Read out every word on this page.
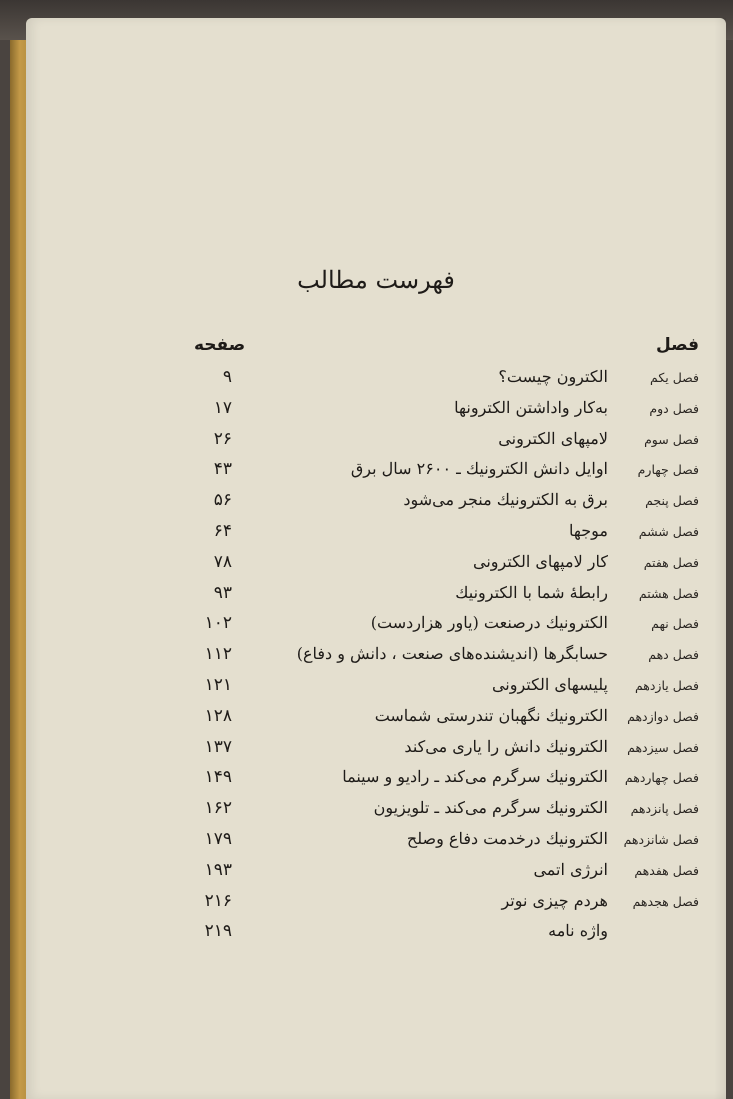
فهرست مطالب
فصل
صفحه
فصل یکم
الکترون چیست؟
۹
فصل دوم
به‌کار واداشتن الکترونها
۱۷
فصل سوم
لامپهای الکترونی
۲۶
فصل چهارم
اوایل دانش الکترونیك ـ ۲۶۰۰ سال برق
۴۳
فصل پنجم
برق به الکترونیك منجر می‌شود
۵۶
فصل ششم
موجها
۶۴
فصل هفتم
کار لامپهای الکترونی
۷۸
فصل هشتم
رابطهٔ شما با الکترونیك
۹۳
فصل نهم
الکترونیك درصنعت (یاور هزاردست)
۱۰۲
فصل دهم
حسابگرها (اندیشنده‌های صنعت ، دانش و دفاع)
۱۱۲
فصل یازدهم
پلیسهای الکترونی
۱۲۱
فصل دوازدهم
الکترونیك نگهبان تندرستی شماست
۱۲۸
فصل سیزدهم
الکترونیك دانش را یاری می‌کند
۱۳۷
فصل چهاردهم
الکترونیك سرگرم می‌کند ـ رادیو و سینما
۱۴۹
فصل پانزدهم
الکترونیك سرگرم می‌کند ـ تلویزیون
۱۶۲
فصل شانزدهم
الکترونیك درخدمت دفاع وصلح
۱۷۹
فصل هفدهم
انرژی اتمی
۱۹۳
فصل هجدهم
هردم چیزی نوتر
۲۱۶
واژه نامه
۲۱۹
